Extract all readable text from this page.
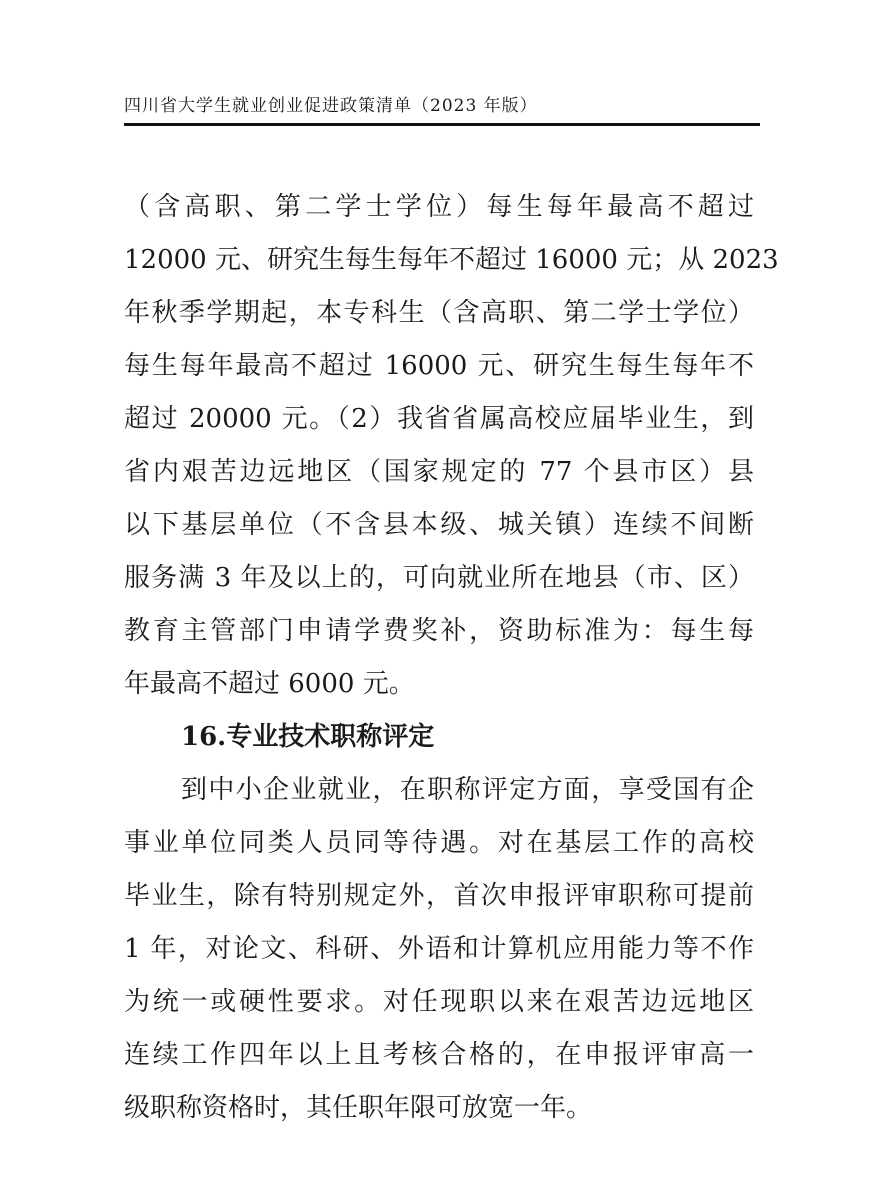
四川省大学生就业创业促进政策清单（2023 年版）
（含高职、第二学士学位）每生每年最高不超过
12000 元、研究生每生每年不超过 16000 元；从 2023
年秋季学期起，本专科生（含高职、第二学士学位）
每生每年最高不超过 16000 元、研究生每生每年不
超过 20000 元。（2）我省省属高校应届毕业生，到
省内艰苦边远地区（国家规定的 77 个县市区）县
以下基层单位（不含县本级、城关镇）连续不间断
服务满 3 年及以上的，可向就业所在地县（市、区）
教育主管部门申请学费奖补，资助标准为：每生每
年最高不超过 6000 元。
16.专业技术职称评定
到中小企业就业，在职称评定方面，享受国有企
事业单位同类人员同等待遇。对在基层工作的高校
毕业生，除有特别规定外，首次申报评审职称可提前
1 年，对论文、科研、外语和计算机应用能力等不作
为统一或硬性要求。对任现职以来在艰苦边远地区
连续工作四年以上且考核合格的，在申报评审高一
级职称资格时，其任职年限可放宽一年。
